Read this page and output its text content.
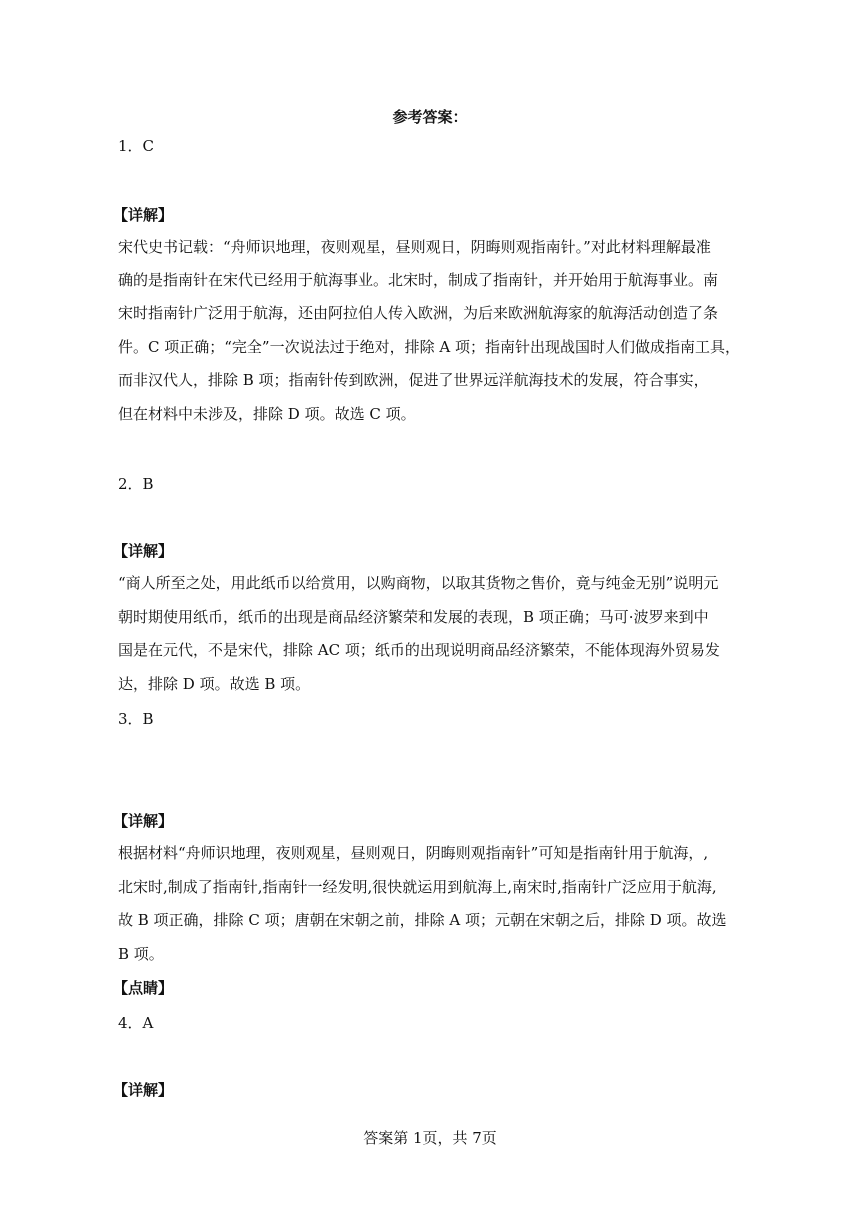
参考答案：
1．C
【详解】
宋代史书记载：“舟师识地理，夜则观星，昼则观日，阴晦则观指南针。”对此材料理解最准
确的是指南针在宋代已经用于航海事业。北宋时，制成了指南针，并开始用于航海事业。南
宋时指南针广泛用于航海，还由阿拉伯人传入欧洲，为后来欧洲航海家的航海活动创造了条
件。C 项正确；“完全”一次说法过于绝对，排除 A 项；指南针出现战国时人们做成指南工具，
而非汉代人，排除 B 项；指南针传到欧洲，促进了世界远洋航海技术的发展，符合事实，
但在材料中未涉及，排除 D 项。故选 C 项。
2．B
【详解】
“商人所至之处，用此纸币以给赏用，以购商物，以取其货物之售价，竟与纯金无别”说明元
朝时期使用纸币，纸币的出现是商品经济繁荣和发展的表现，B 项正确；马可·波罗来到中
国是在元代，不是宋代，排除 AC 项；纸币的出现说明商品经济繁荣，不能体现海外贸易发
达，排除 D 项。故选 B 项。
3．B
【详解】
根据材料“舟师识地理，夜则观星，昼则观日，阴晦则观指南针”可知是指南针用于航海，,
北宋时,制成了指南针,指南针一经发明,很快就运用到航海上,南宋时,指南针广泛应用于航海,
故 B 项正确，排除 C 项；唐朝在宋朝之前，排除 A 项；元朝在宋朝之后，排除 D 项。故选
B 项。
【点睛】
4．A
【详解】
答案第 1页，共 7页
